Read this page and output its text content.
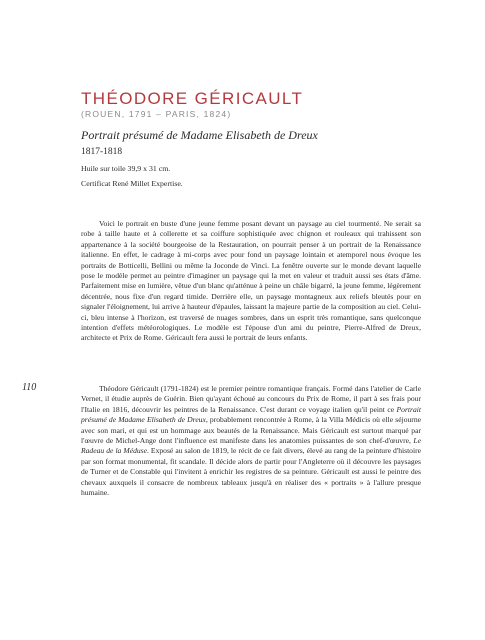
THÉODORE GÉRICAULT
(ROUEN, 1791 – PARIS, 1824)
Portrait présumé de Madame Elisabeth de Dreux
1817-1818
Huile sur toile 39,9 x 31 cm.
Certificat René Millet Expertise.
Voici le portrait en buste d'une jeune femme posant devant un paysage au ciel tourmenté. Ne serait sa robe à taille haute et à collerette et sa coiffure sophistiquée avec chignon et rouleaux qui trahissent son appartenance à la société bourgeoise de la Restauration, on pourrait penser à un portrait de la Renaissance italienne. En effet, le cadrage à mi-corps avec pour fond un paysage lointain et atemporel nous évoque les portraits de Botticelli, Bellini ou même la Joconde de Vinci. La fenêtre ouverte sur le monde devant laquelle pose le modèle permet au peintre d'imaginer un paysage qui la met en valeur et traduit aussi ses états d'âme. Parfaitement mise en lumière, vêtue d'un blanc qu'atténue à peine un châle bigarré, la jeune femme, légèrement décentrée, nous fixe d'un regard timide. Derrière elle, un paysage montagneux aux reliefs bleutés pour en signaler l'éloignement, lui arrive à hauteur d'épaules, laissant la majeure partie de la composition au ciel. Celui-ci, bleu intense à l'horizon, est traversé de nuages sombres, dans un esprit très romantique, sans quelconque intention d'effets météorologiques. Le modèle est l'épouse d'un ami du peintre, Pierre-Alfred de Dreux, architecte et Prix de Rome. Géricault fera aussi le portrait de leurs enfants.
110	Théodore Géricault (1791-1824) est le premier peintre romantique français. Formé dans l'atelier de Carle Vernet, il étudie auprès de Guérin. Bien qu'ayant échoué au concours du Prix de Rome, il part à ses frais pour l'Italie en 1816, découvrir les peintres de la Renaissance. C'est durant ce voyage italien qu'il peint ce Portrait présumé de Madame Elisabeth de Dreux, probablement rencontrée à Rome, à la Villa Médicis où elle séjourne avec son mari, et qui est un hommage aux beautés de la Renaissance. Mais Géricault est surtout marqué par l'œuvre de Michel-Ange dont l'influence est manifeste dans les anatomies puissantes de son chef-d'œuvre, Le Radeau de la Méduse. Exposé au salon de 1819, le récit de ce fait divers, élevé au rang de la peinture d'histoire par son format monumental, fit scandale. Il décide alors de partir pour l'Angleterre où il découvre les paysages de Turner et de Constable qui l'invitent à enrichir les registres de sa peinture. Géricault est aussi le peintre des chevaux auxquels il consacre de nombreux tableaux jusqu'à en réaliser des « portraits » à l'allure presque humaine.
